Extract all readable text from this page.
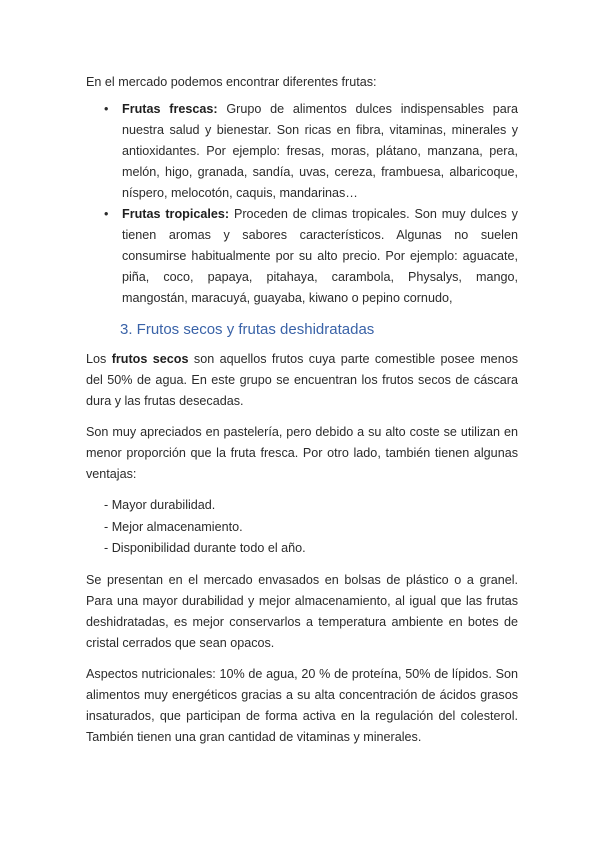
En el mercado podemos encontrar diferentes frutas:

• Frutas frescas: Grupo de alimentos dulces indispensables para nuestra salud y bienestar. Son ricas en fibra, vitaminas, minerales y antioxidantes. Por ejemplo: fresas, moras, plátano, manzana, pera, melón, higo, granada, sandía, uvas, cereza, frambuesa, albaricoque, níspero, melocotón, caquis, mandarinas…
• Frutas tropicales: Proceden de climas tropicales. Son muy dulces y tienen aromas y sabores característicos. Algunas no suelen consumirse habitualmente por su alto precio. Por ejemplo: aguacate, piña, coco, papaya, pitahaya, carambola, Physalys, mango, mangostán, maracuyá, guayaba, kiwano o pepino cornudo,
3. Frutos secos y frutas deshidratadas

Los frutos secos son aquellos frutos cuya parte comestible posee menos del 50% de agua. En este grupo se encuentran los frutos secos de cáscara dura y las frutas desecadas.

Son muy apreciados en pastelería, pero debido a su alto coste se utilizan en menor proporción que la fruta fresca. Por otro lado, también tienen algunas ventajas:

- Mayor durabilidad.
- Mejor almacenamiento.
- Disponibilidad durante todo el año.

Se presentan en el mercado envasados en bolsas de plástico o a granel. Para una mayor durabilidad y mejor almacenamiento, al igual que las frutas deshidratadas, es mejor conservarlos a temperatura ambiente en botes de cristal cerrados que sean opacos.

Aspectos nutricionales: 10% de agua, 20 % de proteína, 50% de lípidos. Son alimentos muy energéticos gracias a su alta concentración de ácidos grasos insaturados, que participan de forma activa en la regulación del colesterol. También tienen una gran cantidad de vitaminas y minerales.
